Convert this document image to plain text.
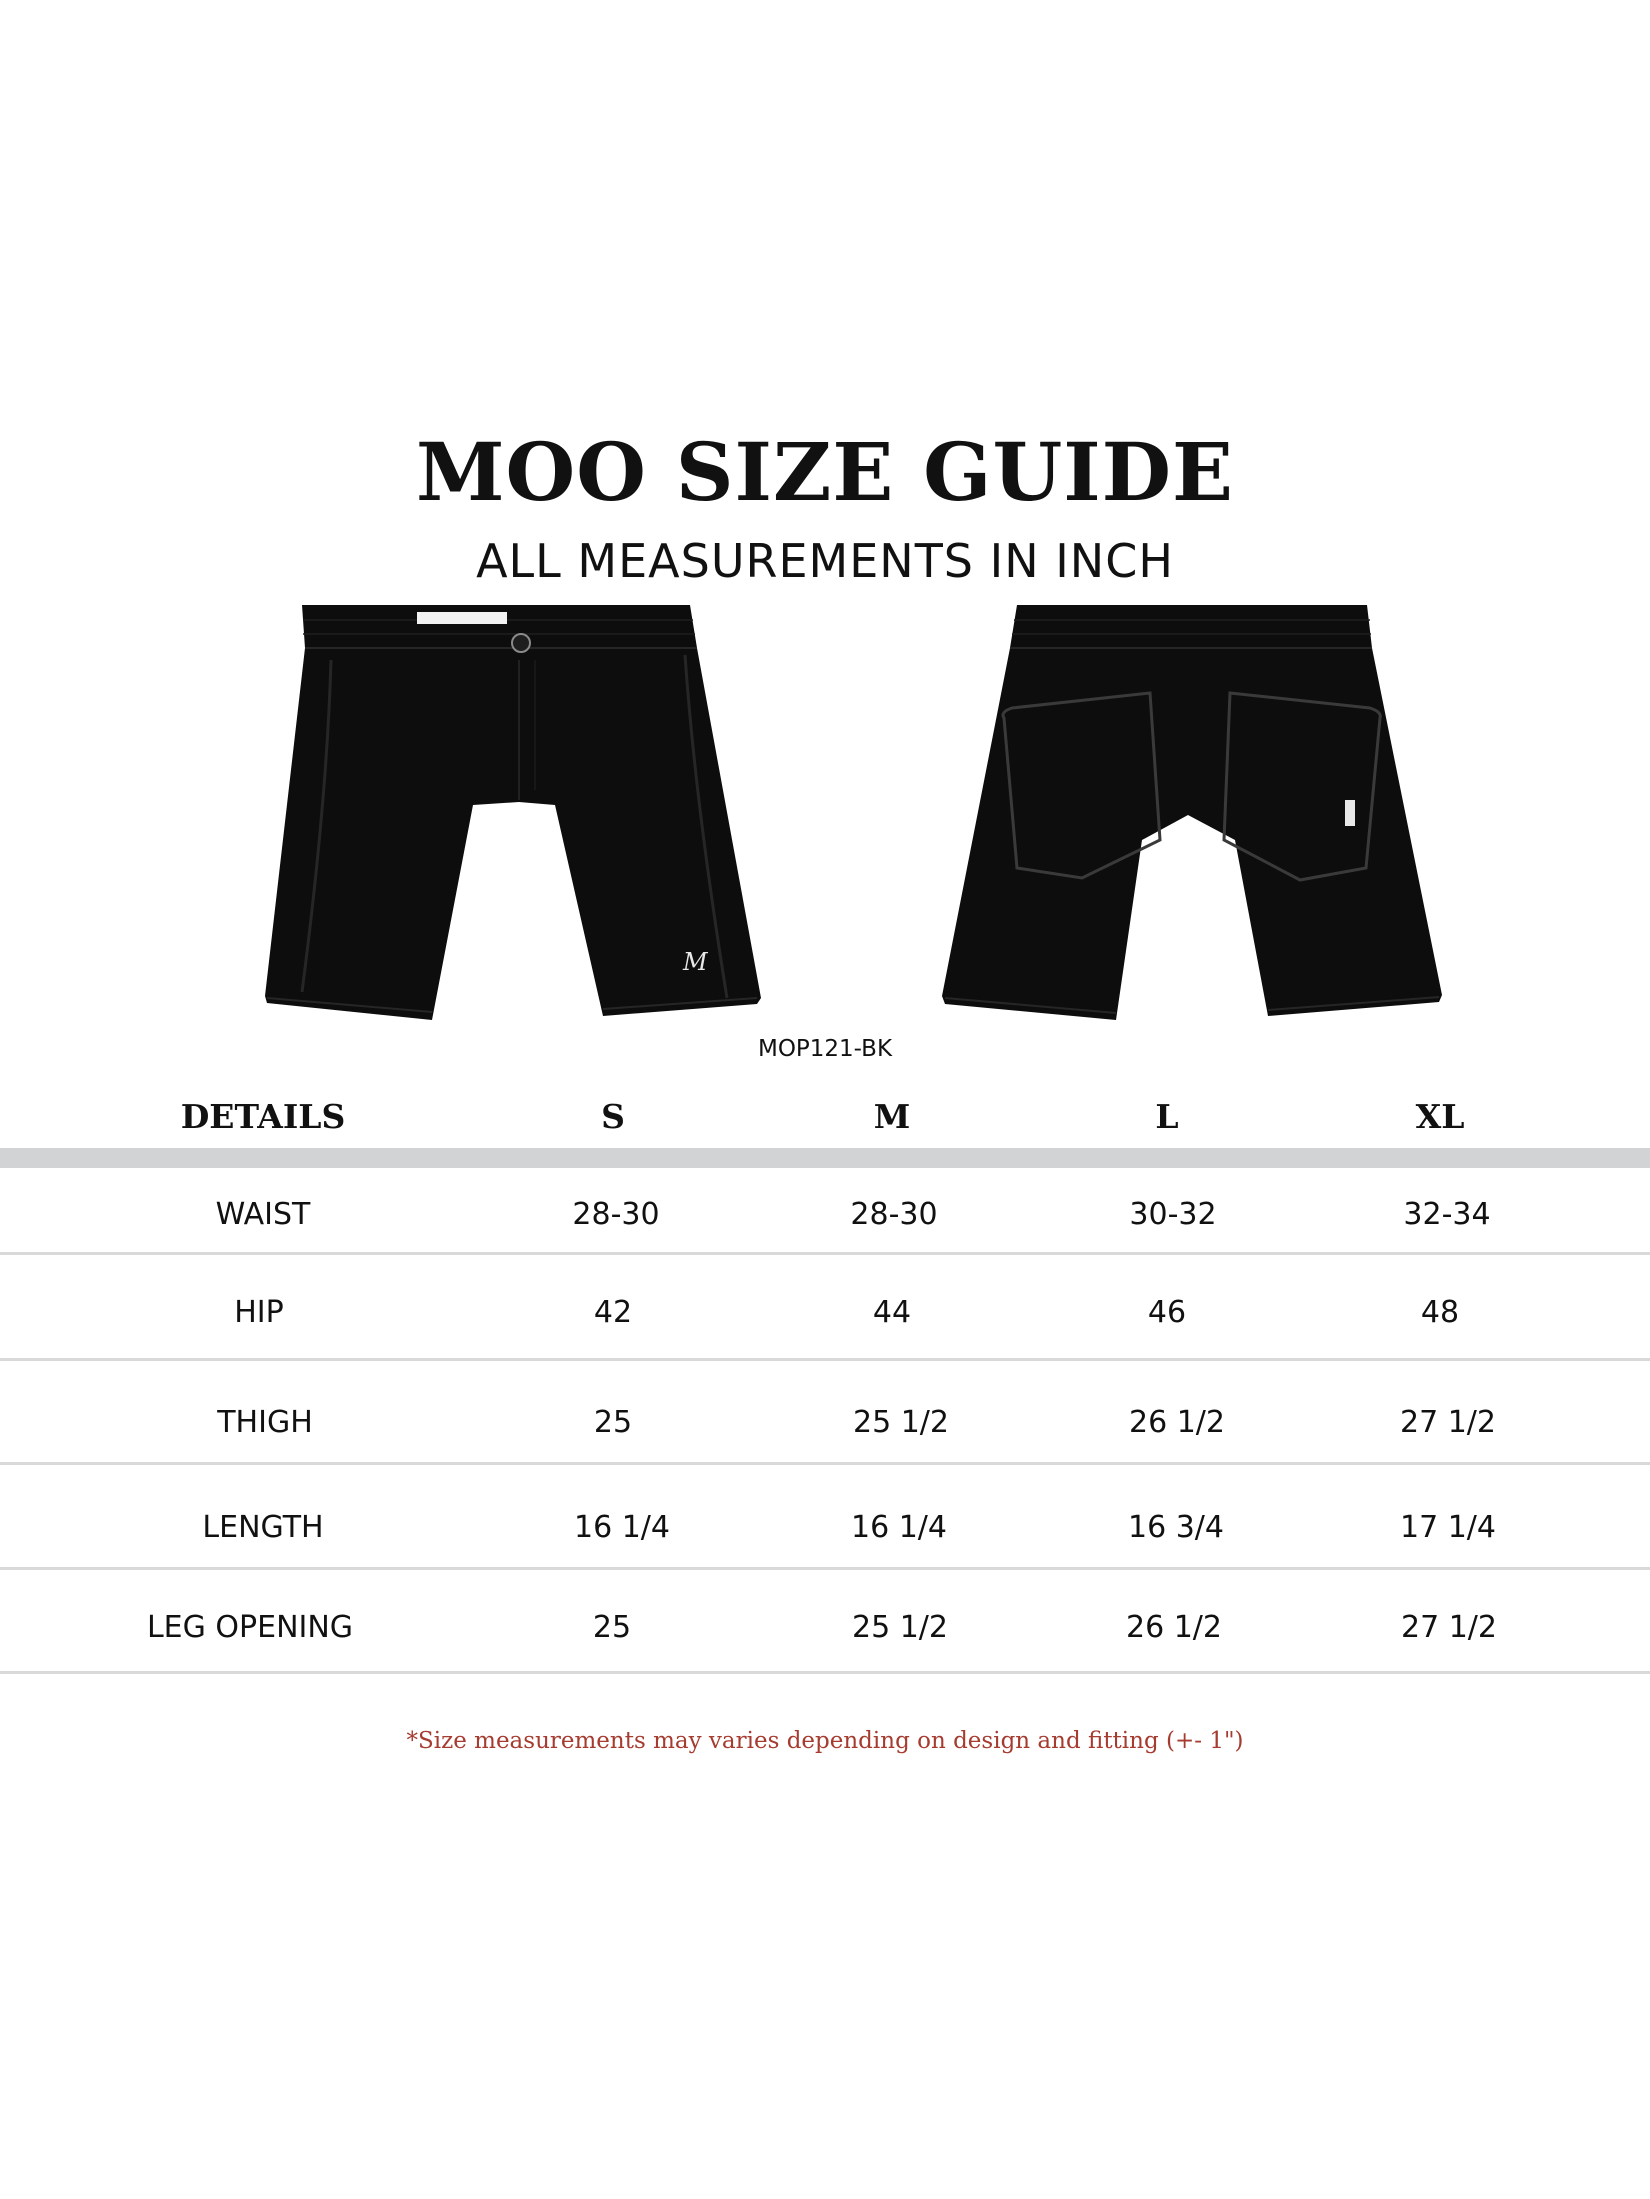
MOO SIZE GUIDE
ALL MEASUREMENTS IN INCH
M
MOP121-BK
DETAILS	S	M	L	XL
WAIST	28-30	28-30	30-32	32-34
HIP	42	44	46	48
THIGH	25	25 1/2	26 1/2	27 1/2
LENGTH	16 1/4	16 1/4	16 3/4	17 1/4
LEG OPENING	25	25 1/2	26 1/2	27 1/2
*Size measurements may varies depending on design and fitting (+- 1")
